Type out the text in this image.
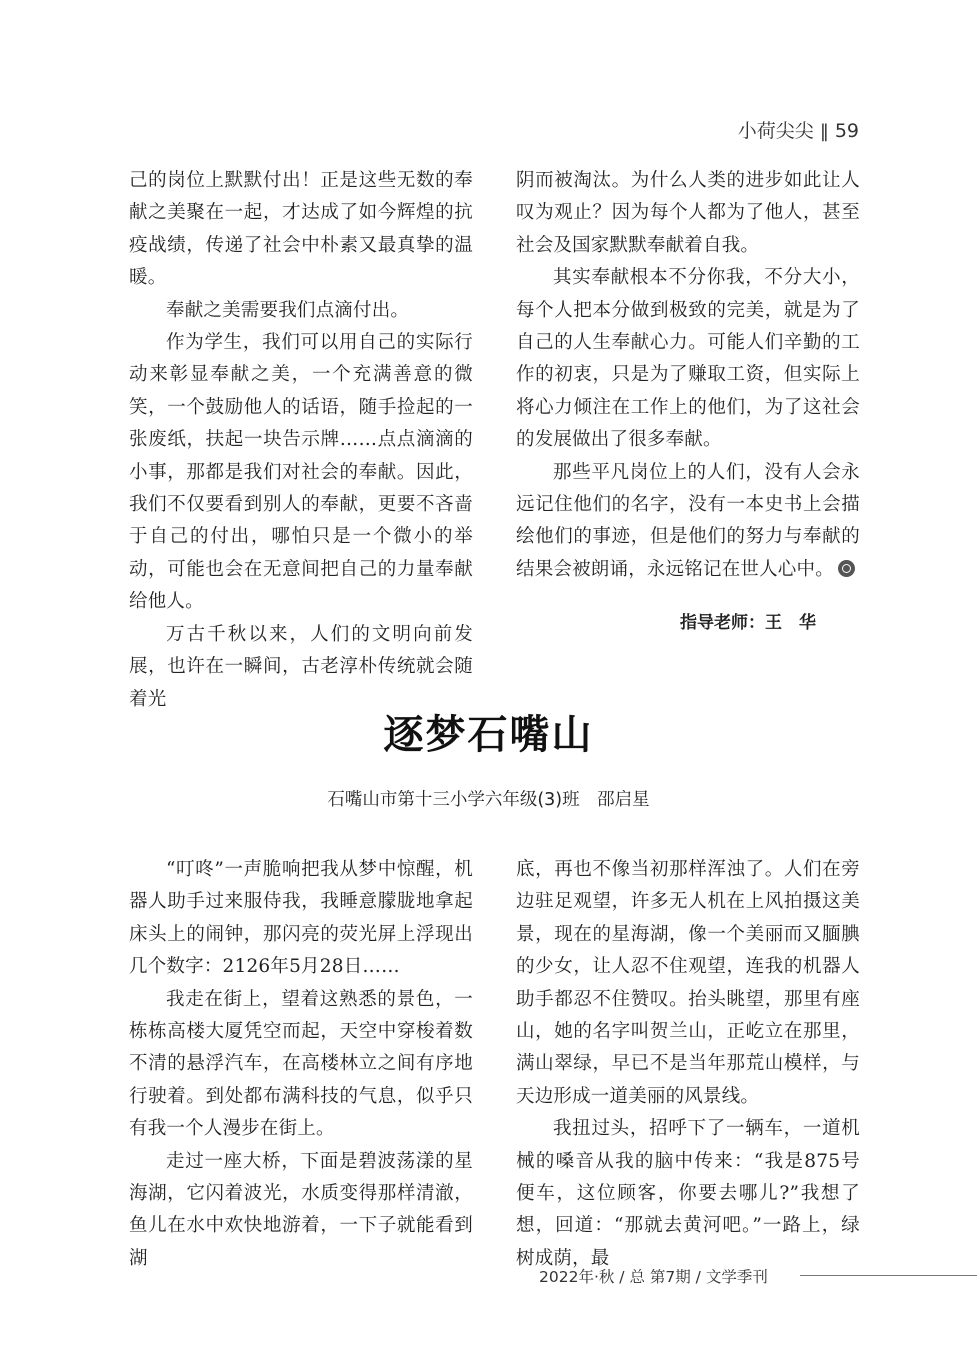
小荷尖尖 ‖ 59

己的岗位上默默付出！正是这些无数的奉献之美聚在一起，才达成了如今辉煌的抗疫战绩，传递了社会中朴素又最真挚的温暖。

奉献之美需要我们点滴付出。

作为学生，我们可以用自己的实际行动来彰显奉献之美，一个充满善意的微笑，一个鼓励他人的话语，随手捡起的一张废纸，扶起一块告示牌……点点滴滴的小事，那都是我们对社会的奉献。因此，我们不仅要看到别人的奉献，更要不吝啬于自己的付出，哪怕只是一个微小的举动，可能也会在无意间把自己的力量奉献给他人。

万古千秋以来，人们的文明向前发展，也许在一瞬间，古老淳朴传统就会随着光

阴而被淘汰。为什么人类的进步如此让人叹为观止？因为每个人都为了他人，甚至社会及国家默默奉献着自我。

其实奉献根本不分你我，不分大小，每个人把本分做到极致的完美，就是为了自己的人生奉献心力。可能人们辛勤的工作的初衷，只是为了赚取工资，但实际上将心力倾注在工作上的他们，为了这社会的发展做出了很多奉献。

那些平凡岗位上的人们，没有人会永远记住他们的名字，没有一本史书上会描绘他们的事迹，但是他们的努力与奉献的结果会被朗诵，永远铭记在世人心中。

指导老师：王　华
逐梦石嘴山
石嘴山市第十三小学六年级(3)班　邵启星

“叮咚”一声脆响把我从梦中惊醒，机器人助手过来服侍我，我睡意朦胧地拿起床头上的闹钟，那闪亮的荧光屏上浮现出几个数字：2126年5月28日……

我走在街上，望着这熟悉的景色，一栋栋高楼大厦凭空而起，天空中穿梭着数不清的悬浮汽车，在高楼林立之间有序地行驶着。到处都布满科技的气息，似乎只有我一个人漫步在街上。

走过一座大桥，下面是碧波荡漾的星海湖，它闪着波光，水质变得那样清澈，鱼儿在水中欢快地游着，一下子就能看到湖

底，再也不像当初那样浑浊了。人们在旁边驻足观望，许多无人机在上风拍摄这美景，现在的星海湖，像一个美丽而又腼腆的少女，让人忍不住观望，连我的机器人助手都忍不住赞叹。抬头眺望，那里有座山，她的名字叫贺兰山，正屹立在那里，满山翠绿，早已不是当年那荒山模样，与天边形成一道美丽的风景线。

我扭过头，招呼下了一辆车，一道机械的嗓音从我的脑中传来：“我是875号便车，这位顾客，你要去哪儿?”我想了想，回道：“那就去黄河吧。”一路上，绿树成荫，最

2022年·秋 / 总 第7期 / 文学季刊
